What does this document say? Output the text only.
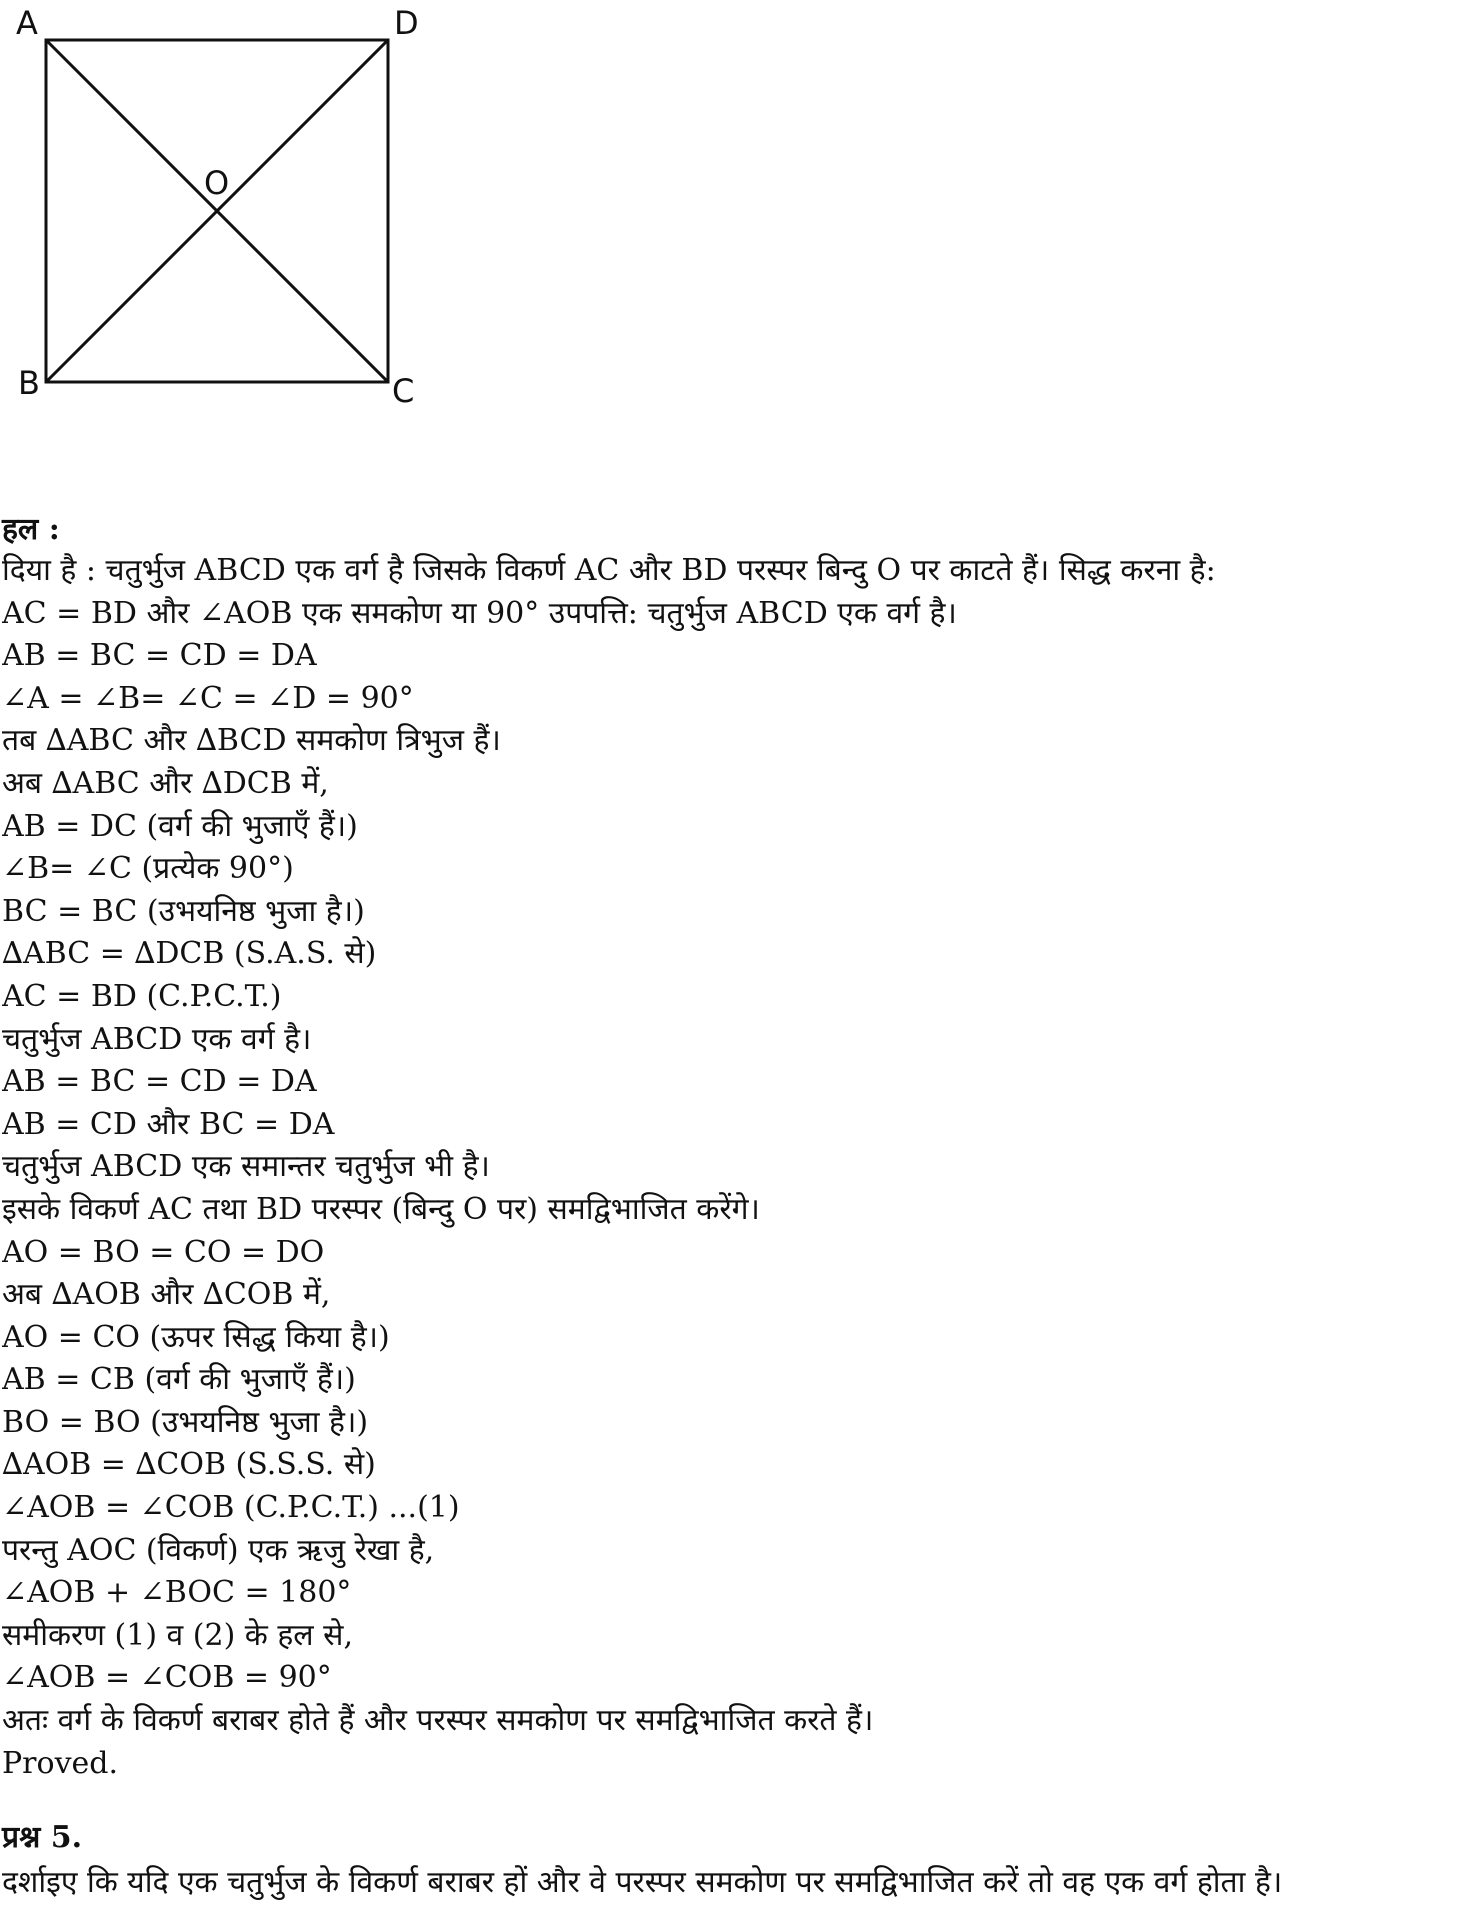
A	D
B	C
O
हल :
दिया है : चतुर्भुज ABCD एक वर्ग है जिसके विकर्ण AC और BD परस्पर बिन्दु O पर काटते हैं। सिद्ध करना है:
AC = BD और ∠AOB एक समकोण या 90° उपपत्ति: चतुर्भुज ABCD एक वर्ग है।
AB = BC = CD = DA
∠A = ∠B= ∠C = ∠D = 90°
तब ∆ABC और ∆BCD समकोण त्रिभुज हैं।
अब ∆ABC और ∆DCB में,
AB = DC (वर्ग की भुजाएँ हैं।)
∠B= ∠C (प्रत्येक 90°)
BC = BC (उभयनिष्ठ भुजा है।)
∆ABC = ∆DCB (S.A.S. से)
AC = BD (C.P.C.T.)
चतुर्भुज ABCD एक वर्ग है।
AB = BC = CD = DA
AB = CD और BC = DA
चतुर्भुज ABCD एक समान्तर चतुर्भुज भी है।
इसके विकर्ण AC तथा BD परस्पर (बिन्दु O पर) समद्विभाजित करेंगे।
AO = BO = CO = DO
अब ∆AOB और ∆COB में,
AO = CO (ऊपर सिद्ध किया है।)
AB = CB (वर्ग की भुजाएँ हैं।)
BO = BO (उभयनिष्ठ भुजा है।)
∆AOB = ∆COB (S.S.S. से)
∠AOB = ∠COB (C.P.C.T.) ...(1)
परन्तु AOC (विकर्ण) एक ऋजु रेखा है,
∠AOB + ∠BOC = 180°
समीकरण (1) व (2) के हल से,
∠AOB = ∠COB = 90°
अतः वर्ग के विकर्ण बराबर होते हैं और परस्पर समकोण पर समद्विभाजित करते हैं।
Proved.
प्रश्न 5.
दर्शाइए कि यदि एक चतुर्भुज के विकर्ण बराबर हों और वे परस्पर समकोण पर समद्विभाजित करें तो वह एक वर्ग होता है।
